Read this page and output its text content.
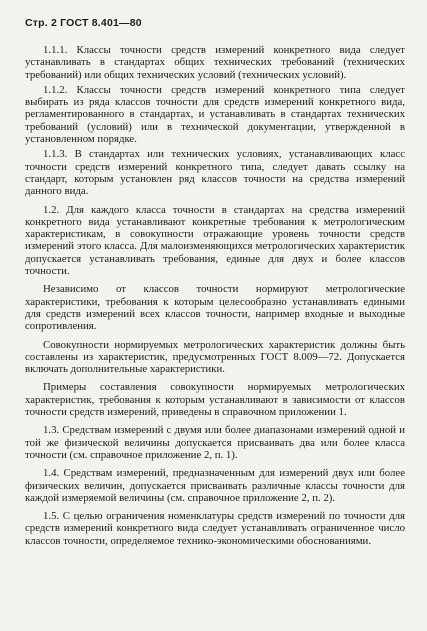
Стр. 2 ГОСТ 8.401—80

1.1.1. Классы точности средств измерений конкретного вида следует устанавливать в стандартах общих технических требований (технических требований) или общих технических условий (технических условий).

1.1.2. Классы точности средств измерений конкретного типа следует выбирать из ряда классов точности для средств измерений конкретного вида, регламентированного в стандартах, и устанавливать в стандартах технических требований (условий) или в технической документации, утвержденной в установленном порядке.

1.1.3. В стандартах или технических условиях, устанавливающих класс точности средств измерений конкретного типа, следует давать ссылку на стандарт, которым установлен ряд классов точности на средства измерений данного вида.

1.2. Для каждого класса точности в стандартах на средства измерений конкретного вида устанавливают конкретные требования к метрологическим характеристикам, в совокупности отражающие уровень точности средств измерений этого класса. Для малоизменяющихся метрологических характеристик допускается устанавливать требования, единые для двух и более классов точности.

Независимо от классов точности нормируют метрологические характеристики, требования к которым целесообразно устанавливать едиными для средств измерений всех классов точности, например входные и выходные сопротивления.

Совокупности нормируемых метрологических характеристик должны быть составлены из характеристик, предусмотренных ГОСТ 8.009—72. Допускается включать дополнительные характеристики.

Примеры составления совокупности нормируемых метрологических характеристик, требования к которым устанавливают в зависимости от классов точности средств измерений, приведены в справочном приложении 1.

1.3. Средствам измерений с двумя или более диапазонами измерений одной и той же физической величины допускается присваивать два или более класса точности (см. справочное приложение 2, п. 1).

1.4. Средствам измерений, предназначенным для измерений двух или более физических величин, допускается присваивать различные классы точности для каждой измеряемой величины (см. справочное приложение 2, п. 2).

1.5. С целью ограничения номенклатуры средств измерений по точности для средств измерений конкретного вида следует устанавливать ограниченное число классов точности, определяемое технико-экономическими обоснованиями.
